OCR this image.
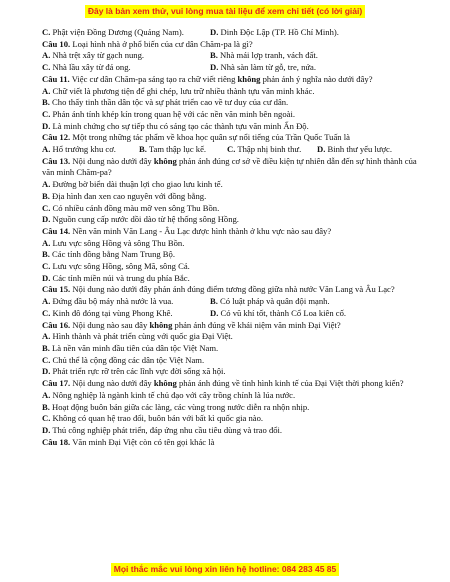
Đây là bản xem thử, vui lòng mua tài liệu để xem chi tiết (có lời giải)
C. Phật viện Đồng Dương (Quảng Nam).	D. Dinh Độc Lập (TP. Hồ Chí Minh).
Câu 10. Loại hình nhà ở phổ biến của cư dân Chăm-pa là gì?
A. Nhà trệt xây từ gạch nung.	B. Nhà mái lợp tranh, vách đất.
C. Nhà lầu xây từ đá ong.	D. Nhà sàn làm từ gỗ, tre, nứa.
Câu 11. Việc cư dân Chăm-pa sáng tạo ra chữ viết riêng không phản ánh ý nghĩa nào dưới đây?
A. Chữ viết là phương tiện để ghi chép, lưu trữ nhiều thành tựu văn minh khác.
B. Cho thấy tinh thần dân tộc và sự phát triển cao về tư duy của cư dân.
C. Phản ánh tính khép kín trong quan hệ với các nền văn minh bên ngoài.
D. Là minh chứng cho sự tiếp thu có sáng tạo các thành tựu văn minh Ấn Độ.
Câu 12. Một trong những tác phẩm về khoa học quân sự nổi tiếng của Trần Quốc Tuấn là
A. Hổ trướng khu cơ.	B. Tam thập lục kế.	C. Thập nhị binh thư.	D. Binh thư yếu lược.
Câu 13. Nội dung nào dưới đây không phản ánh đúng cơ sở về điều kiện tự nhiên dẫn đến sự hình thành của văn minh Chăm-pa?
A. Đường bờ biển dài thuận lợi cho giao lưu kinh tế.
B. Địa hình đan xen cao nguyên với đồng bằng.
C. Có nhiều cánh đồng màu mỡ ven sông Thu Bồn.
D. Nguồn cung cấp nước dồi dào từ hệ thống sông Hồng.
Câu 14. Nền văn minh Văn Lang - Âu Lạc được hình thành ở khu vực nào sau đây?
A. Lưu vực sông Hồng và sông Thu Bồn.
B. Các tỉnh đồng bằng Nam Trung Bộ.
C. Lưu vực sông Hồng, sông Mã, sông Cả.
D. Các tỉnh miền núi và trung du phía Bắc.
Câu 15. Nội dung nào dưới đây phản ánh đúng điểm tương đồng giữa nhà nước Văn Lang và Âu Lạc?
A. Đứng đầu bộ máy nhà nước là vua.	B. Có luật pháp và quân đội mạnh.
C. Kinh đô đóng tại vùng Phong Khê.	D. Có vũ khí tốt, thành Cổ Loa kiên cố.
Câu 16. Nội dung nào sau đây không phản ánh đúng về khái niệm văn minh Đại Việt?
A. Hình thành và phát triển cùng với quốc gia Đại Việt.
B. Là nền văn minh đầu tiên của dân tộc Việt Nam.
C. Chủ thể là cộng đồng các dân tộc Việt Nam.
D. Phát triển rực rỡ trên các lĩnh vực đời sống xã hội.
Câu 17. Nội dung nào dưới đây không phản ánh đúng về tình hình kinh tế của Đại Việt thời phong kiến?
A. Nông nghiệp là ngành kinh tế chủ đạo với cây trồng chính là lúa nước.
B. Hoạt động buôn bán giữa các làng, các vùng trong nước diễn ra nhộn nhịp.
C. Không có quan hệ trao đổi, buôn bán với bất kì quốc gia nào.
D. Thủ công nghiệp phát triển, đáp ứng nhu cầu tiêu dùng và trao đổi.
Câu 18. Văn minh Đại Việt còn có tên gọi khác là
Mọi thắc mắc vui lòng xin liên hệ hotline: 084 283 45 85
